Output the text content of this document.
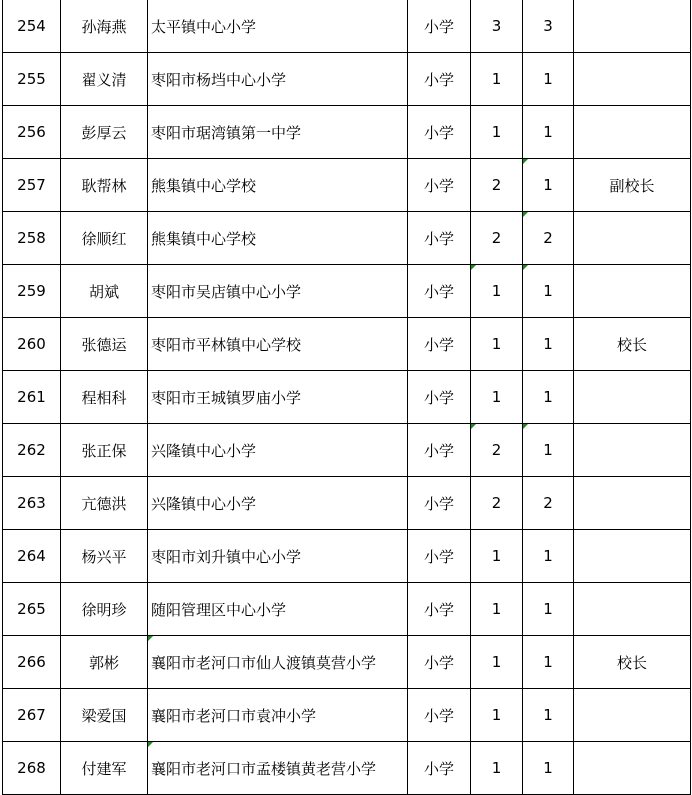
254	孙海燕	太平镇中心小学	小学	3	3	
255	翟义清	枣阳市杨垱中心小学	小学	1	1	
256	彭厚云	枣阳市琚湾镇第一中学	小学	1	1	
257	耿帮林	熊集镇中心学校	小学	2	1	副校长
258	徐顺红	熊集镇中心学校	小学	2	2	
259	胡斌	枣阳市吴店镇中心小学	小学	1	1	
260	张德运	枣阳市平林镇中心学校	小学	1	1	校长
261	程相科	枣阳市王城镇罗庙小学	小学	1	1	
262	张正保	兴隆镇中心小学	小学	2	1	
263	亢德洪	兴隆镇中心小学	小学	2	2	
264	杨兴平	枣阳市刘升镇中心小学	小学	1	1	
265	徐明珍	随阳管理区中心小学	小学	1	1	
266	郭彬	襄阳市老河口市仙人渡镇莫营小学	小学	1	1	校长
267	梁爱国	襄阳市老河口市袁冲小学	小学	1	1	
268	付建军	襄阳市老河口市孟楼镇黄老营小学	小学	1	1	
